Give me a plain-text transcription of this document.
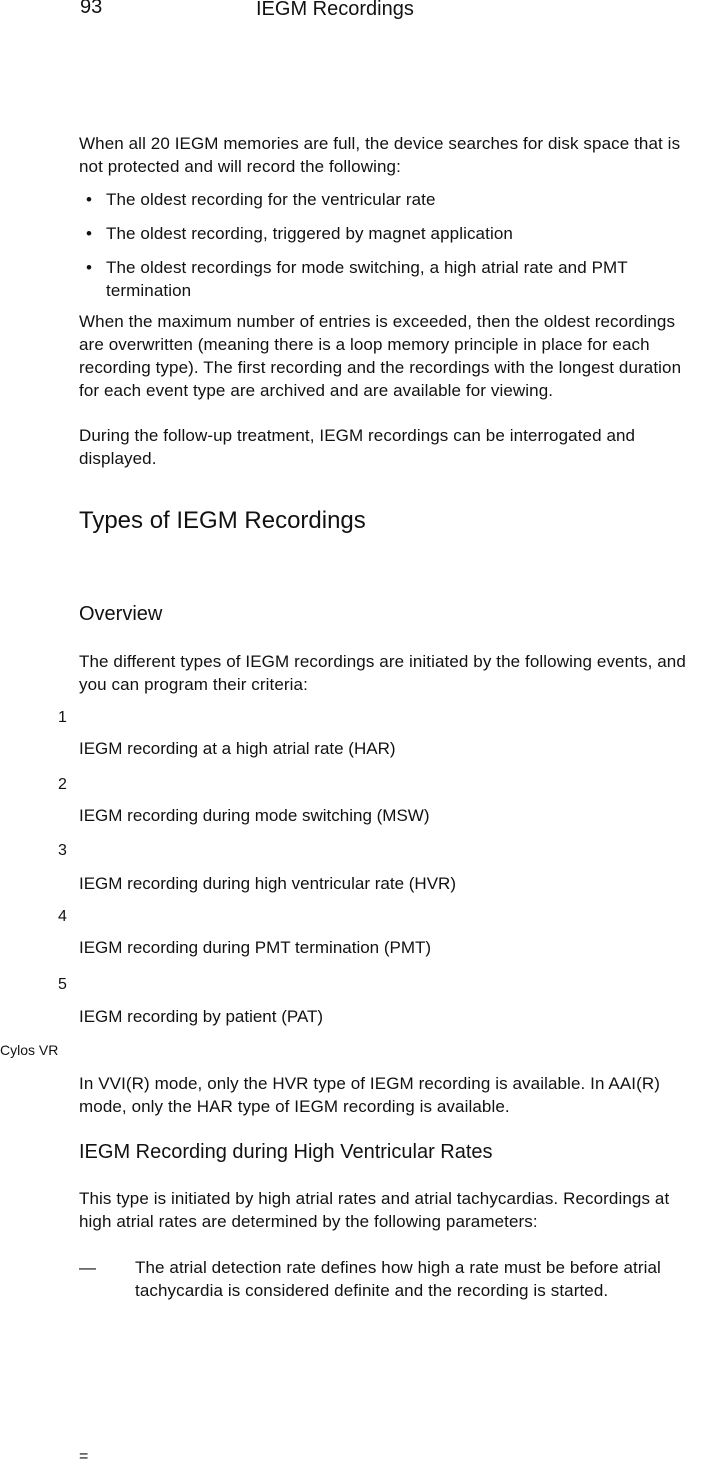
93	IEGM Recordings
When all 20 IEGM memories are full, the device searches for disk space that is not protected and will record the following:
• The oldest recording for the ventricular rate
• The oldest recording, triggered by magnet application
• The oldest recordings for mode switching, a high atrial rate and PMT termination
When the maximum number of entries is exceeded, then the oldest recordings are overwritten (meaning there is a loop memory principle in place for each recording type). The first recording and the recordings with the longest duration for each event type are archived and are available for viewing.
During the follow-up treatment, IEGM recordings can be interrogated and displayed.
Types of IEGM Recordings
Overview
The different types of IEGM recordings are initiated by the following events, and you can program their criteria:
1
IEGM recording at a high atrial rate (HAR)
2
IEGM recording during mode switching (MSW)
3
IEGM recording during high ventricular rate (HVR)
4
IEGM recording during PMT termination (PMT)
5
IEGM recording by patient (PAT)
Cylos VR
In VVI(R) mode, only the HVR type of IEGM recording is available. In AAI(R) mode, only the HAR type of IEGM recording is available.
IEGM Recording during High Ventricular Rates
This type is initiated by high atrial rates and atrial tachycardias. Recordings at high atrial rates are determined by the following parameters:
— The atrial detection rate defines how high a rate must be before atrial tachycardia is considered definite and the recording is started.
=
